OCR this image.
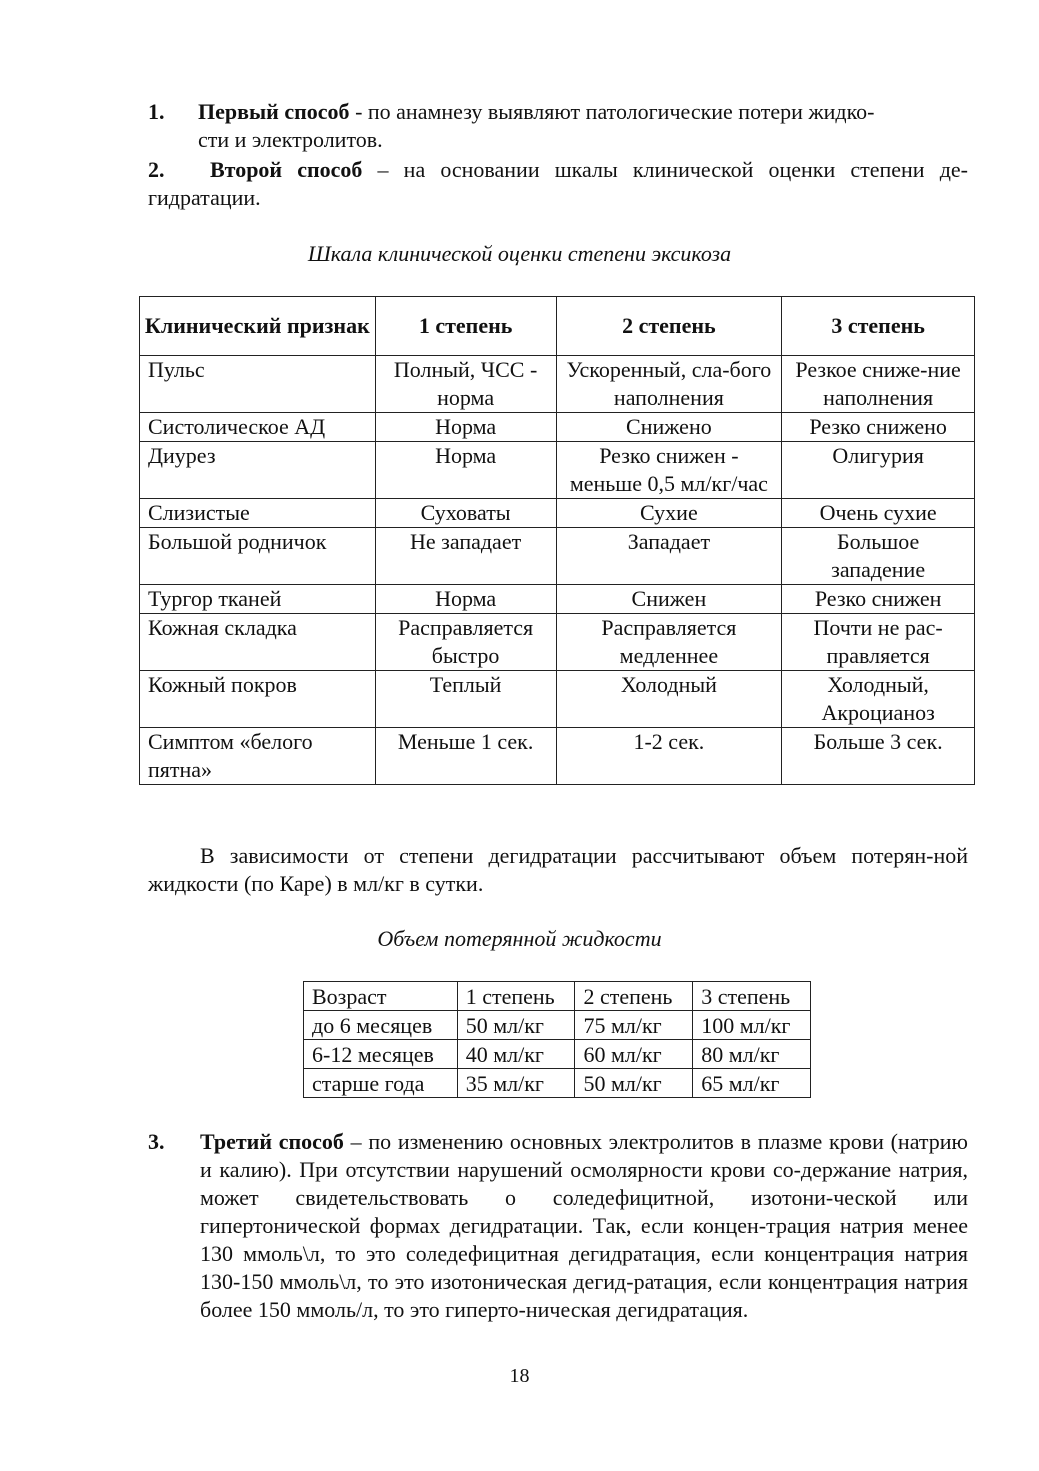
1. Первый способ - по анамнезу выявляют патологические потери жидко-
сти и электролитов.
2. Второй способ – на основании шкалы клинической оценки степени де-гидратации.
Шкала клинической оценки степени эксикоза
Клинический признак	1 степень	2 степень	3 степень
Пульс	Полный, ЧСС - норма	Ускоренный, сла-бого наполнения	Резкое сниже-ние наполнения
Систолическое АД	Норма	Снижено	Резко снижено
Диурез	Норма	Резко снижен - меньше 0,5 мл/кг/час	Олигурия
Слизистые	Суховаты	Сухие	Очень сухие
Большой родничок	Не западает	Западает	Большое западение
Тургор тканей	Норма	Снижен	Резко снижен
Кожная складка	Расправляется быстро	Расправляется медленнее	Почти не рас-правляется
Кожный покров	Теплый	Холодный	Холодный, Акроцианоз
Симптом «белого пятна»	Меньше 1 сек.	1-2 сек.	Больше 3 сек.
В зависимости от степени дегидратации рассчитывают объем потерян-ной жидкости (по Каре) в мл/кг в сутки.
Объем потерянной жидкости
Возраст	1 степень	2 степень	3 степень
до 6 месяцев	50 мл/кг	75 мл/кг	100 мл/кг
6-12 месяцев	40 мл/кг	60 мл/кг	80 мл/кг
старше года	35 мл/кг	50 мл/кг	65 мл/кг
3. Третий способ – по изменению основных электролитов в плазме крови (натрию и калию). При отсутствии нарушений осмолярности крови со-держание натрия, может свидетельствовать о соледефицитной, изотони-ческой или гипертонической формах дегидратации. Так, если концен-трация натрия менее 130 ммоль\л, то это соледефицитная дегидратация, если концентрация натрия 130-150 ммоль\л, то это изотоническая дегид-ратация, если концентрация натрия более 150 ммоль/л, то это гиперто-ническая дегидратация.
18
